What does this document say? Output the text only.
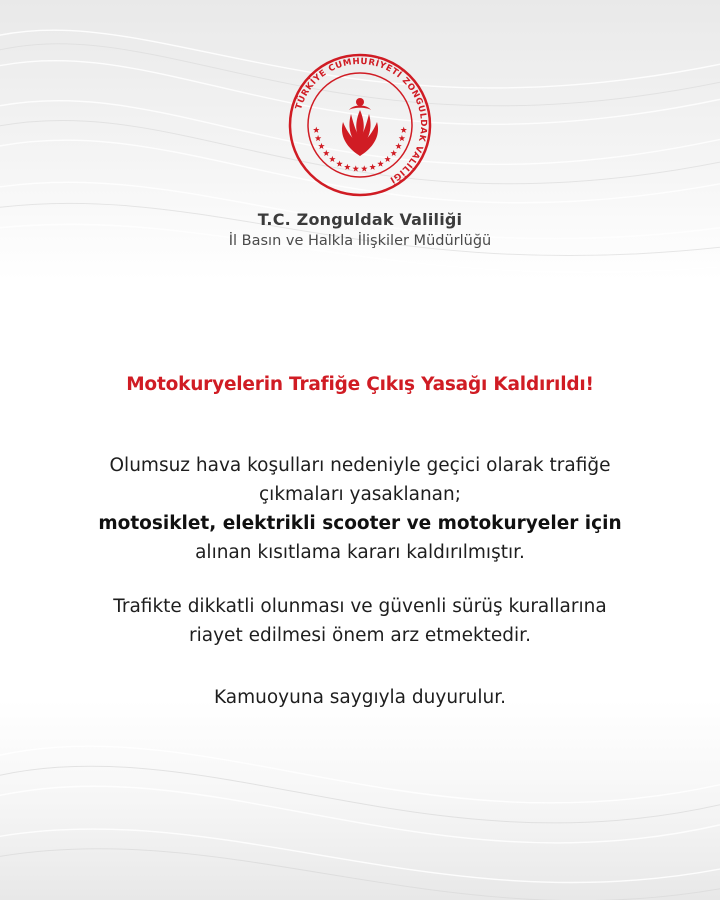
TÜRKİYE CUMHURİYETİ ZONGULDAK VALİLİĞİ
T.C. Zonguldak Valiliği
İl Basın ve Halkla İlişkiler Müdürlüğü
Motokuryelerin Trafiğe Çıkış Yasağı Kaldırıldı!
Olumsuz hava koşulları nedeniyle geçici olarak trafiğe
çıkmaları yasaklanan;
motosiklet, elektrikli scooter ve motokuryeler için
alınan kısıtlama kararı kaldırılmıştır.
Trafikte dikkatli olunması ve güvenli sürüş kurallarına
riayet edilmesi önem arz etmektedir.
Kamuoyuna saygıyla duyurulur.
